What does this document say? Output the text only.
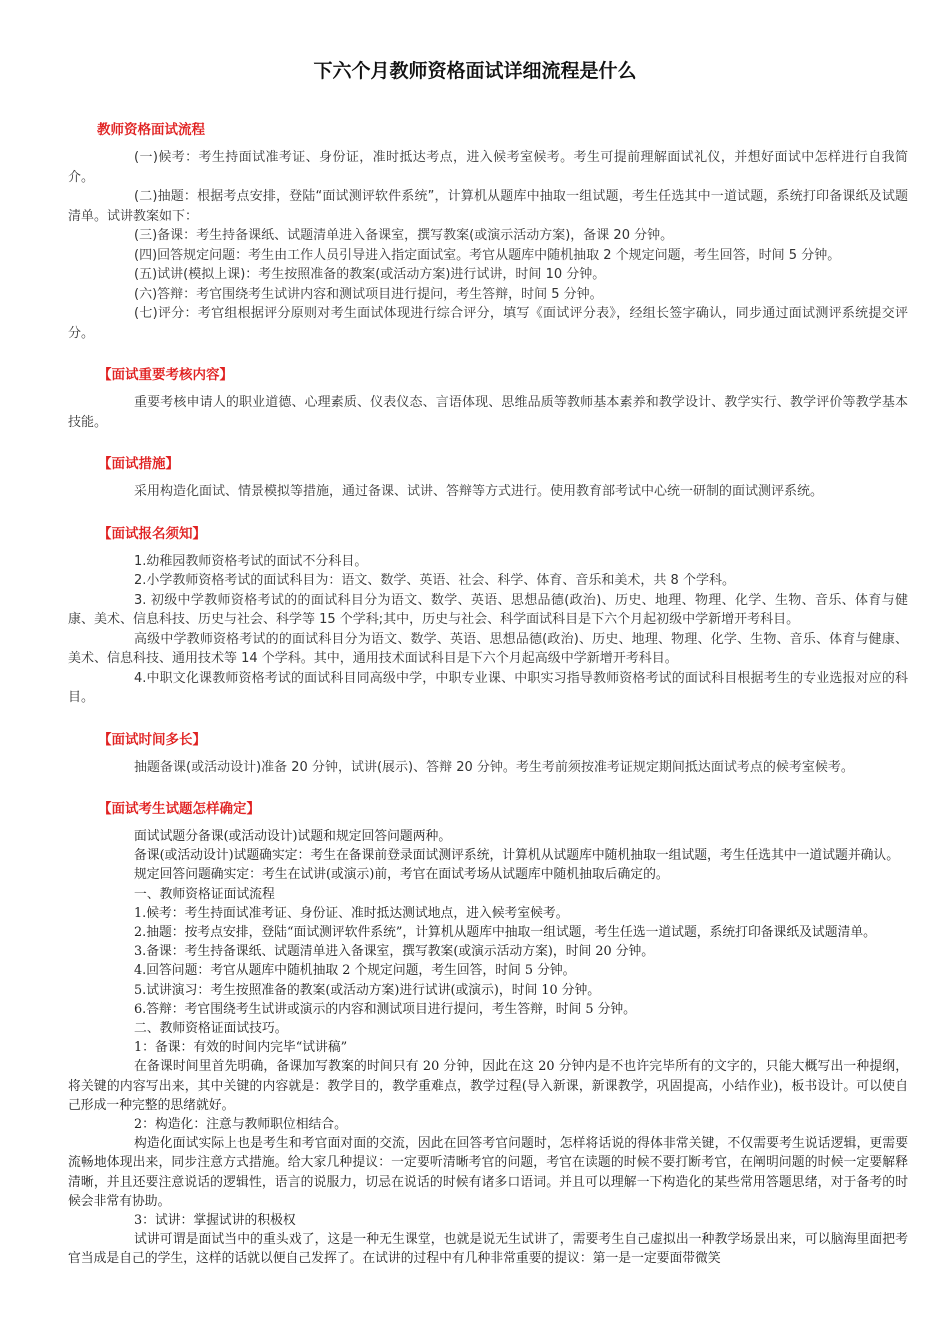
下六个月教师资格面试详细流程是什么

教师资格面试流程

(一)候考：考生持面试准考证、身份证，准时抵达考点，进入候考室候考。考生可提前理解面试礼仪，并想好面试中怎样进行自我简介。

(二)抽题：根据考点安排，登陆“面试测评软件系统”，计算机从题库中抽取一组试题，考生任选其中一道试题，系统打印备课纸及试题清单。试讲教案如下：

(三)备课：考生持备课纸、试题清单进入备课室，撰写教案(或演示活动方案)，备课 20 分钟。

(四)回答规定问题：考生由工作人员引导进入指定面试室。考官从题库中随机抽取 2 个规定问题，考生回答，时间 5 分钟。

(五)试讲(模拟上课)：考生按照准备的教案(或活动方案)进行试讲，时间 10 分钟。

(六)答辩：考官围绕考生试讲内容和测试项目进行提问，考生答辩，时间 5 分钟。

(七)评分：考官组根据评分原则对考生面试体现进行综合评分，填写《面试评分表》，经组长签字确认，同步通过面试测评系统提交评分。

【面试重要考核内容】

重要考核申请人的职业道德、心理素质、仪表仪态、言语体现、思维品质等教师基本素养和教学设计、教学实行、教学评价等教学基本技能。

【面试措施】

采用构造化面试、情景模拟等措施，通过备课、试讲、答辩等方式进行。使用教育部考试中心统一研制的面试测评系统。

【面试报名须知】

1.幼稚园教师资格考试的面试不分科目。

2.小学教师资格考试的面试科目为：语文、数学、英语、社会、科学、体育、音乐和美术，共 8 个学科。

3. 初级中学教师资格考试的的面试科目分为语文、数学、英语、思想品德(政治)、历史、地理、物理、化学、生物、音乐、体育与健康、美术、信息科技、历史与社会、科学等 15 个学科;其中，历史与社会、科学面试科目是下六个月起初级中学新增开考科目。

高级中学教师资格考试的的面试科目分为语文、数学、英语、思想品德(政治)、历史、地理、物理、化学、生物、音乐、体育与健康、美术、信息科技、通用技术等 14 个学科。其中，通用技术面试科目是下六个月起高级中学新增开考科目。

4.中职文化课教师资格考试的面试科目同高级中学，中职专业课、中职实习指导教师资格考试的面试科目根据考生的专业选报对应的科目。

【面试时间多长】

抽题备课(或活动设计)准备 20 分钟，试讲(展示)、答辩 20 分钟。考生考前须按准考证规定期间抵达面试考点的候考室候考。

【面试考生试题怎样确定】

面试试题分备课(或活动设计)试题和规定回答问题两种。

备课(或活动设计)试题确实定：考生在备课前登录面试测评系统，计算机从试题库中随机抽取一组试题，考生任选其中一道试题并确认。

规定回答问题确实定：考生在试讲(或演示)前，考官在面试考场从试题库中随机抽取后确定的。

一、教师资格证面试流程

1.候考：考生持面试准考证、身份证、准时抵达测试地点，进入候考室候考。

2.抽题：按考点安排，登陆“面试测评软件系统”，计算机从题库中抽取一组试题，考生任选一道试题，系统打印备课纸及试题清单。

3.备课：考生持备课纸、试题清单进入备课室，撰写教案(或演示活动方案)，时间 20 分钟。

4.回答问题：考官从题库中随机抽取 2 个规定问题，考生回答，时间 5 分钟。

5.试讲演习：考生按照准备的教案(或活动方案)进行试讲(或演示)，时间 10 分钟。

6.答辩：考官围绕考生试讲或演示的内容和测试项目进行提问，考生答辩，时间 5 分钟。

二、教师资格证面试技巧。

1：备课：有效的时间内完毕“试讲稿”

在备课时间里首先明确，备课加写教案的时间只有 20 分钟，因此在这 20 分钟内是不也许完毕所有的文字的，只能大概写出一种提纲，将关键的内容写出来，其中关键的内容就是：教学目的，教学重难点，教学过程(导入新课，新课教学，巩固提高，小结作业)，板书设计。可以使自己形成一种完整的思绪就好。

2：构造化：注意与教师职位相结合。

构造化面试实际上也是考生和考官面对面的交流，因此在回答考官问题时，怎样将话说的得体非常关键，不仅需要考生说话逻辑，更需要流畅地体现出来，同步注意方式措施。给大家几种提议：一定要听清晰考官的问题，考官在读题的时候不要打断考官，在阐明问题的时候一定要解释清晰，并且还要注意说话的逻辑性，语言的说服力，切忌在说话的时候有诸多口语词。并且可以理解一下构造化的某些常用答题思绪，对于备考的时候会非常有协助。

3：试讲：掌握试讲的积极权

试讲可谓是面试当中的重头戏了，这是一种无生课堂，也就是说无生试讲了，需要考生自己虚拟出一种教学场景出来，可以脑海里面把考官当成是自己的学生，这样的话就以便自己发挥了。在试讲的过程中有几种非常重要的提议：第一是一定要面带微笑
